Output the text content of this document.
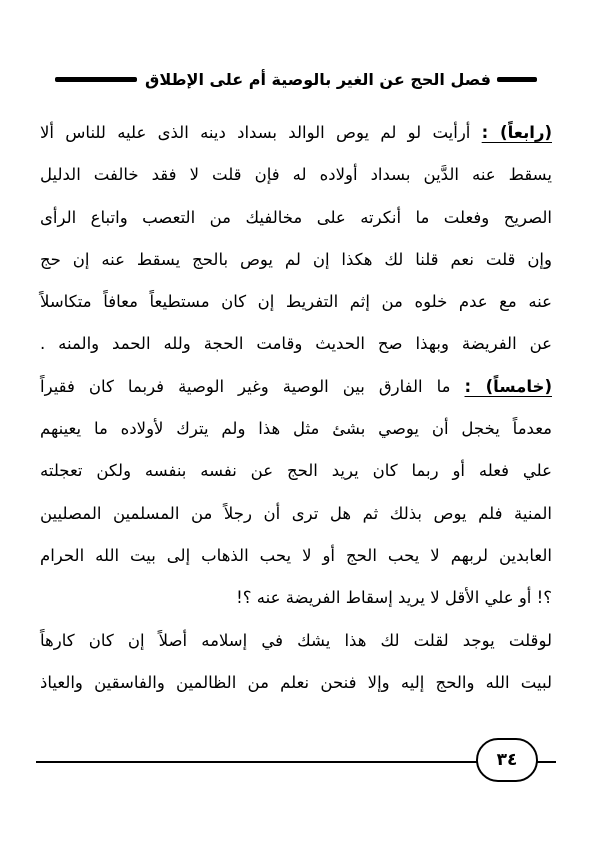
فصل الحج عن الغير بالوصية أم على الإطلاق
(رابعاً) : أرأيت لو لم يوص الوالد بسداد دينه الذى عليه للناس ألا
يسقط عنه الدَّين بسداد أولاده له فإن قلت لا فقد خالفت الدليل
الصريح وفعلت ما أنكرته على مخالفيك من التعصب واتباع الرأى
وإن قلت نعم قلنا لك هكذا إن لم يوص بالحج يسقط عنه إن حج
عنه مع عدم خلوه من إثم التفريط إن كان مستطيعاً معافاً متكاسلاً
عن الفريضة وبهذا صح الحديث وقامت الحجة ولله الحمد والمنه .
(خامساً) : ما الفارق بين الوصية وغير الوصية فربما كان فقيراً
معدماً يخجل أن يوصي بشئ مثل هذا ولم يترك لأولاده ما يعينهم
علي فعله أو ربما كان يريد الحج عن نفسه بنفسه ولكن تعجلته
المنية فلم يوص بذلك ثم هل ترى أن رجلاً من المسلمين المصليين
العابدين لربهم لا يحب الحج أو لا يحب الذهاب إلى بيت الله الحرام
؟! أو علي الأقل لا يريد إسقاط الفريضة عنه ؟!
لوقلت يوجد لقلت لك هذا يشك في إسلامه أصلاً إن كان كارهاً
لبيت الله والحج إليه وإلا فنحن نعلم من الظالمين والفاسقين والعياذ
٣٤
